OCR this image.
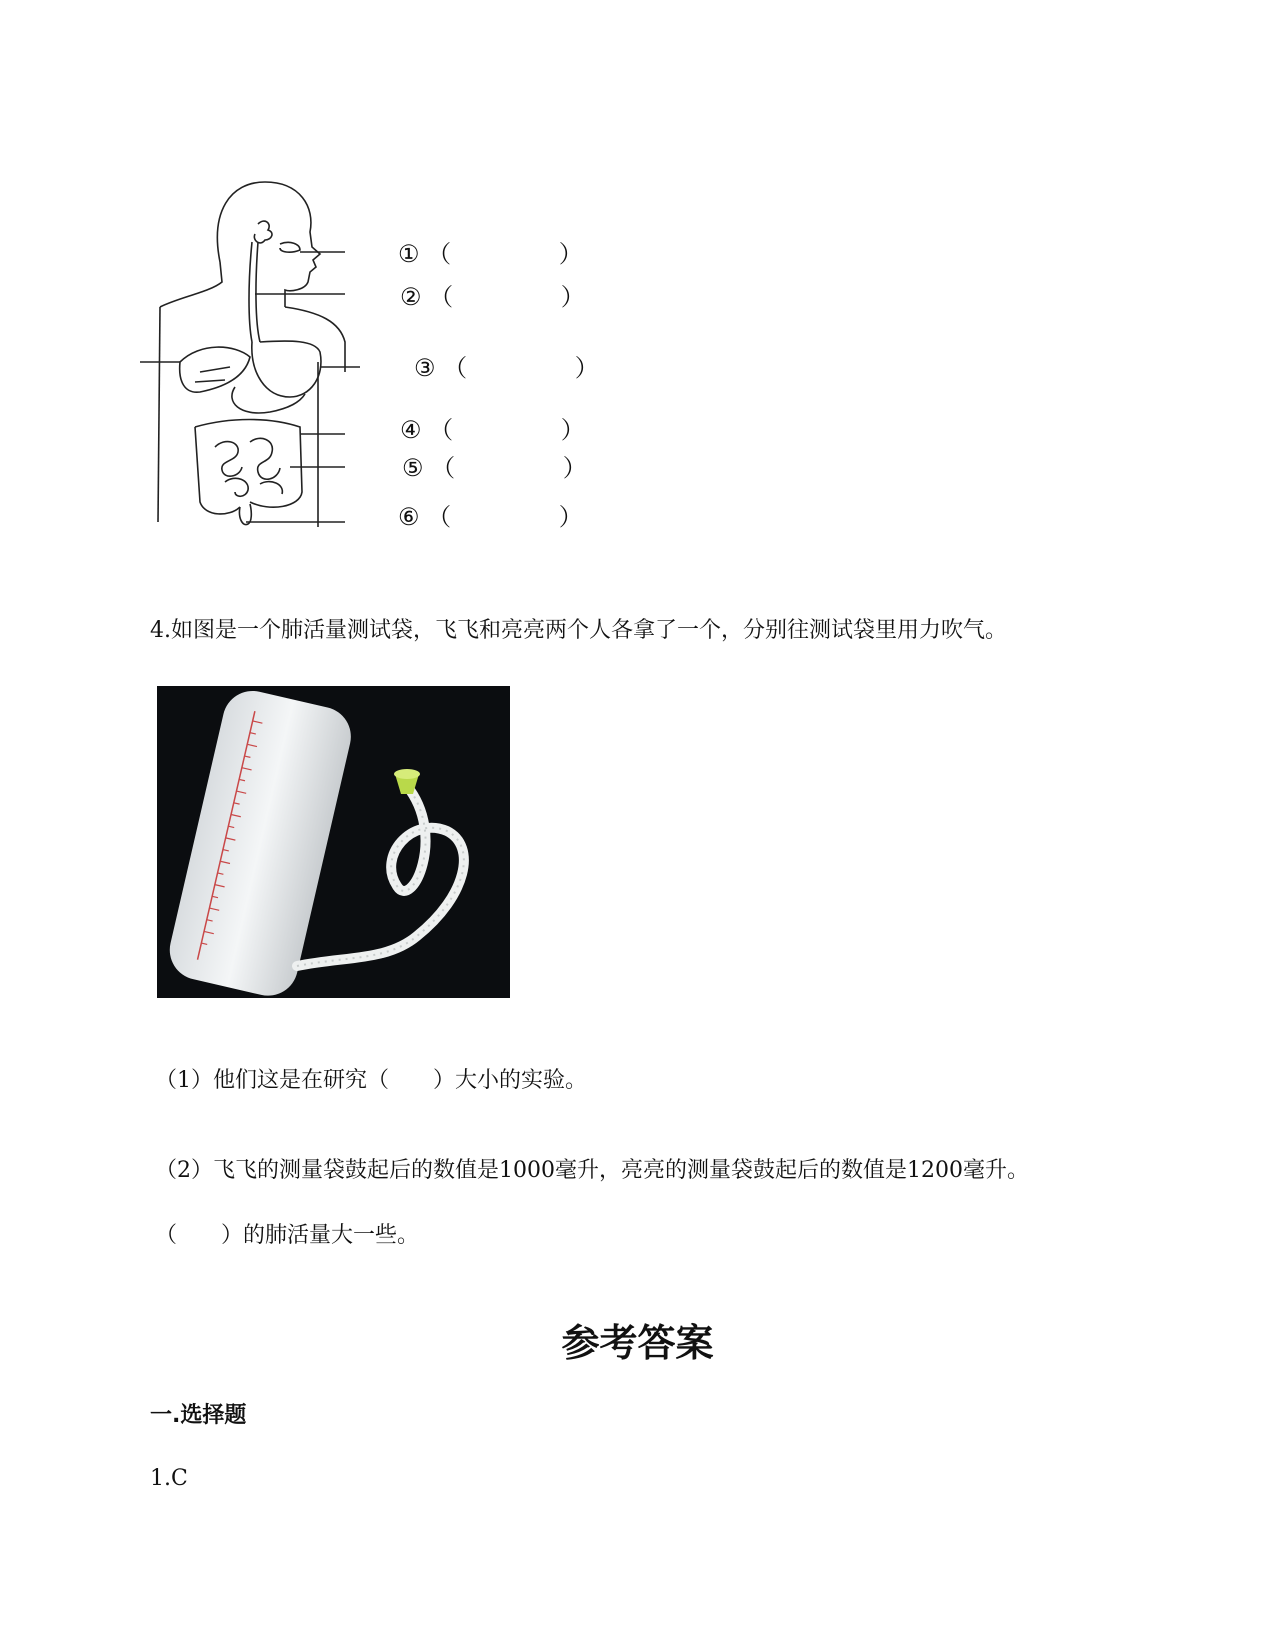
① （	）
② （	）
③ （	）
④ （	）
⑤ （	）
⑥ （	）
4.如图是一个肺活量测试袋，飞飞和亮亮两个人各拿了一个，分别往测试袋里用力吹气。
（1）他们这是在研究（　　）大小的实验。
（2）飞飞的测量袋鼓起后的数值是1000毫升，亮亮的测量袋鼓起后的数值是1200毫升。
（　　）的肺活量大一些。
参考答案
一.选择题
1.C
